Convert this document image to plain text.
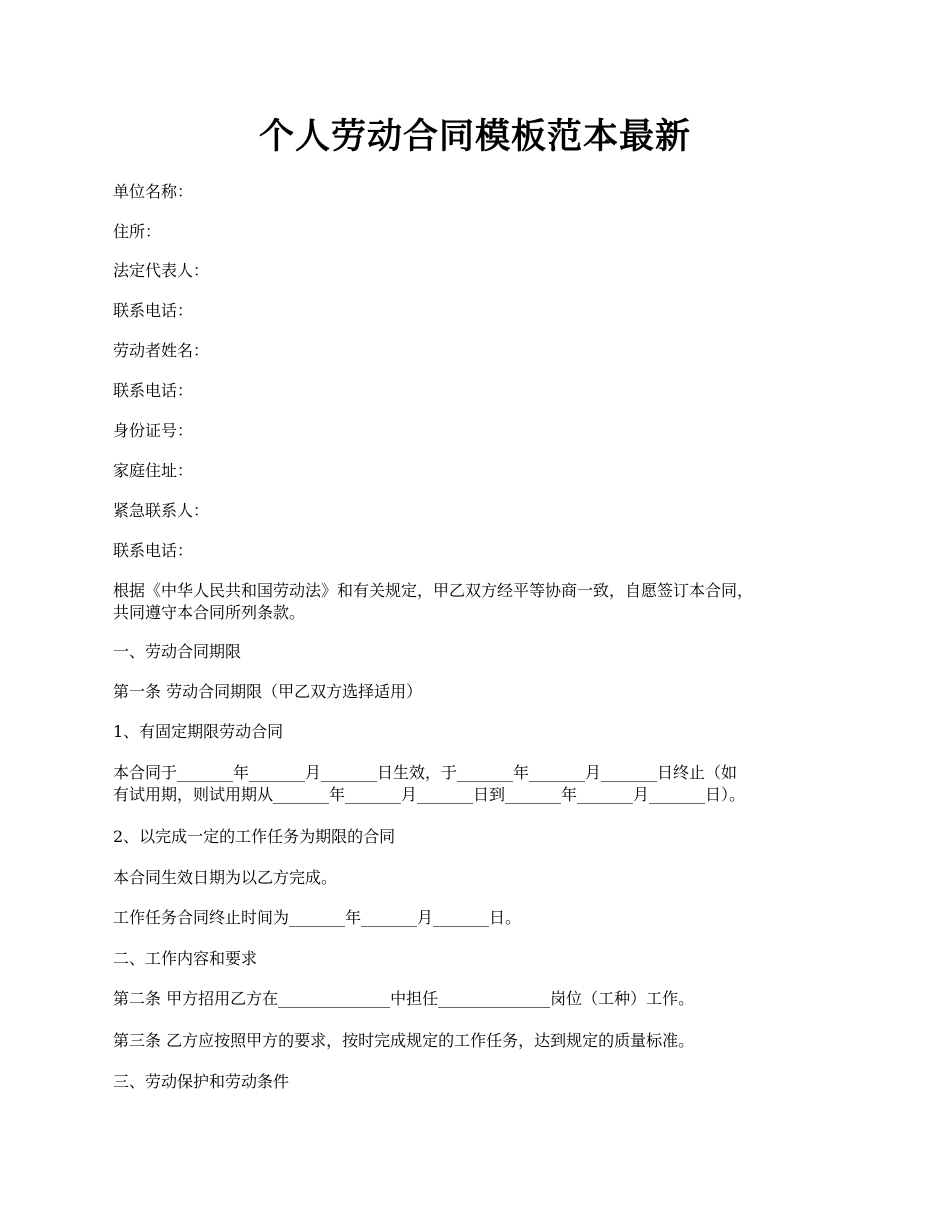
个人劳动合同模板范本最新
单位名称：
住所：
法定代表人：
联系电话：
劳动者姓名：
联系电话：
身份证号：
家庭住址：
紧急联系人：
联系电话：
根据《中华人民共和国劳动法》和有关规定，甲乙双方经平等协商一致，自愿签订本合同，
共同遵守本合同所列条款。
一、劳动合同期限
第一条 劳动合同期限（甲乙双方选择适用）
1、有固定期限劳动合同
本合同于_______年_______月_______日生效，于_______年_______月_______日终止（如
有试用期，则试用期从_______年_______月_______日到_______年_______月_______日）。
2、以完成一定的工作任务为期限的合同
本合同生效日期为以乙方完成。
工作任务合同终止时间为_______年_______月_______日。
二、工作内容和要求
第二条 甲方招用乙方在______________中担任______________岗位（工种）工作。
第三条 乙方应按照甲方的要求，按时完成规定的工作任务，达到规定的质量标准。
三、劳动保护和劳动条件
